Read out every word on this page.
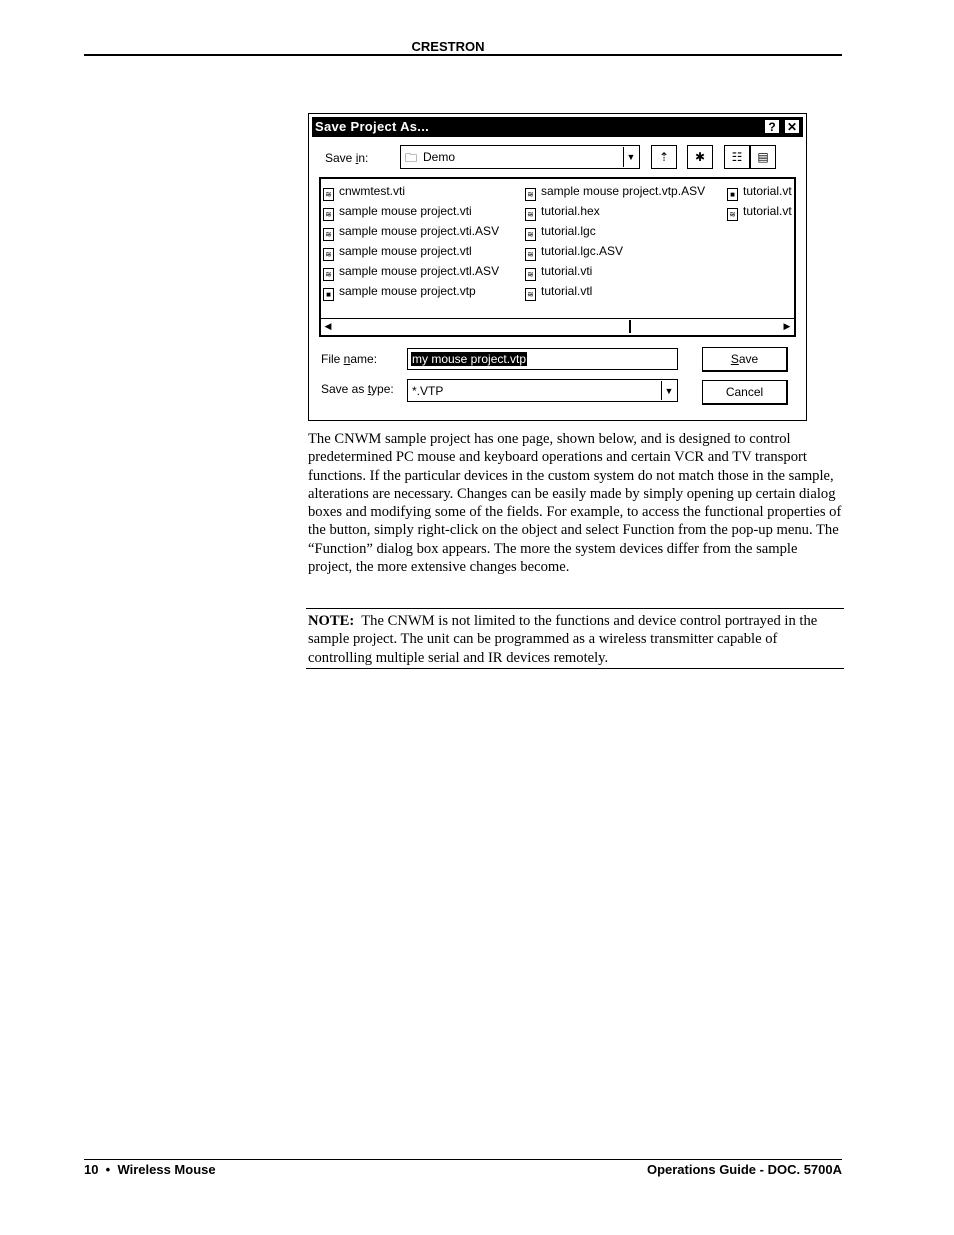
CRESTRON
Save Project As...	? ✕
Save in:	🗀 Demo	▼	⇡	✱	☷	▤
≋ cnwmtest.vti
≋ sample mouse project.vti
≋ sample mouse project.vti.ASV
≋ sample mouse project.vtl
≋ sample mouse project.vtl.ASV
■ sample mouse project.vtp
≋ sample mouse project.vtp.ASV
≋ tutorial.hex
≋ tutorial.lgc
≋ tutorial.lgc.ASV
≋ tutorial.vti
≋ tutorial.vtl
■ tutorial.vt
≋ tutorial.vt
◀	▶
File name:	my mouse project.vtp
Save as type: *.VTP	▼
Save
Cancel
The CNWM sample project has one page, shown below, and is designed to control predetermined PC mouse and keyboard operations and certain VCR and TV transport functions. If the particular devices in the custom system do not match those in the sample, alterations are necessary. Changes can be easily made by simply opening up certain dialog boxes and modifying some of the fields. For example, to access the functional properties of the button, simply right-click on the object and select Function from the pop-up menu. The “Function” dialog box appears. The more the system devices differ from the sample project, the more extensive changes become.
NOTE: The CNWM is not limited to the functions and device control portrayed in the sample project. The unit can be programmed as a wireless transmitter capable of controlling multiple serial and IR devices remotely.
10  •  Wireless Mouse	Operations Guide - DOC. 5700A
